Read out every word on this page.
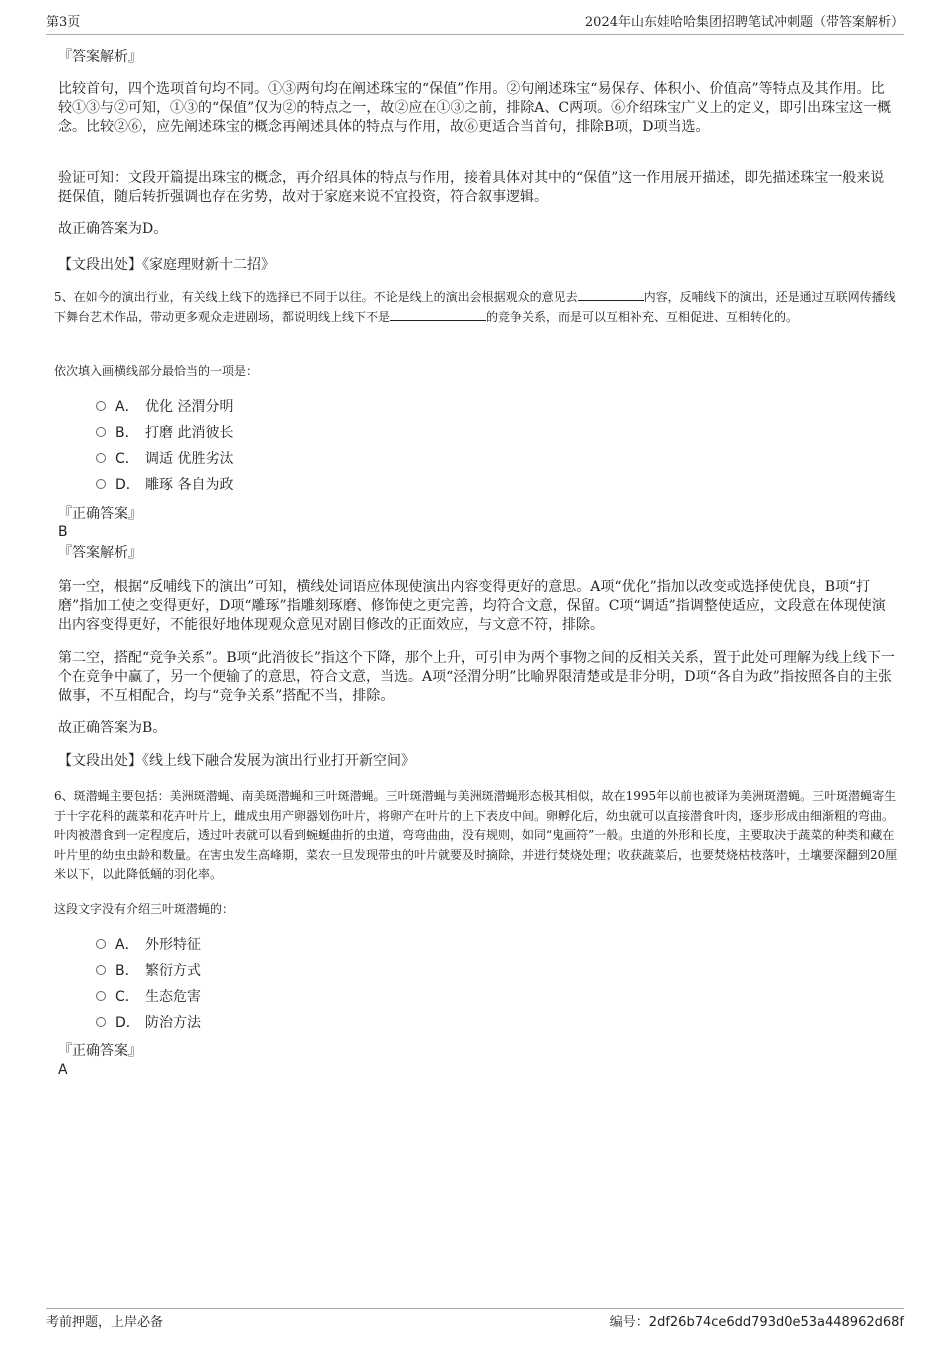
第3页	2024年山东娃哈哈集团招聘笔试冲刺题（带答案解析）
『答案解析』
比较首句，四个选项首句均不同。①③两句均在阐述珠宝的“保值”作用。②句阐述珠宝“易保存、体积小、价值高”等特点及其作用。比较①③与②可知，①③的“保值”仅为②的特点之一，故②应在①③之前，排除A、C两项。⑥介绍珠宝广义上的定义，即引出珠宝这一概念。比较②⑥，应先阐述珠宝的概念再阐述具体的特点与作用，故⑥更适合当首句，排除B项，D项当选。
验证可知：文段开篇提出珠宝的概念，再介绍具体的特点与作用，接着具体对其中的“保值”这一作用展开描述，即先描述珠宝一般来说挺保值，随后转折强调也存在劣势，故对于家庭来说不宜投资，符合叙事逻辑。
故正确答案为D。
【文段出处】《家庭理财新十二招》
5、在如今的演出行业，有关线上线下的选择已不同于以往。不论是线上的演出会根据观众的意见去	内容，反哺线下的演出，还是通过互联网传播线下舞台艺术作品，带动更多观众走进剧场，都说明线上线下不是	的竞争关系，而是可以互相补充、互相促进、互相转化的。
依次填入画横线部分最恰当的一项是：
A． 优化 泾渭分明
B． 打磨 此消彼长
C． 调适 优胜劣汰
D． 雕琢 各自为政
『正确答案』
B
『答案解析』
第一空，根据“反哺线下的演出”可知，横线处词语应体现使演出内容变得更好的意思。A项“优化”指加以改变或选择使优良，B项“打磨”指加工使之变得更好，D项“雕琢”指雕刻琢磨、修饰使之更完善，均符合文意，保留。C项“调适”指调整使适应，文段意在体现使演出内容变得更好，不能很好地体现观众意见对剧目修改的正面效应，与文意不符，排除。
第二空，搭配“竞争关系”。B项“此消彼长”指这个下降，那个上升，可引申为两个事物之间的反相关关系，置于此处可理解为线上线下一个在竞争中赢了，另一个便输了的意思，符合文意，当选。A项“泾渭分明”比喻界限清楚或是非分明，D项“各自为政”指按照各自的主张做事，不互相配合，均与“竞争关系”搭配不当，排除。
故正确答案为B。
【文段出处】《线上线下融合发展为演出行业打开新空间》
6、斑潜蝇主要包括：美洲斑潜蝇、南美斑潜蝇和三叶斑潜蝇。三叶斑潜蝇与美洲斑潜蝇形态极其相似，故在1995年以前也被译为美洲斑潜蝇。三叶斑潜蝇寄生于十字花科的蔬菜和花卉叶片上，雌成虫用产卵器划伤叶片，将卵产在叶片的上下表皮中间。卵孵化后，幼虫就可以直接潜食叶肉，逐步形成由细渐粗的弯曲。叶肉被潜食到一定程度后，透过叶表就可以看到蜿蜒曲折的虫道，弯弯曲曲，没有规则，如同“鬼画符”一般。虫道的外形和长度，主要取决于蔬菜的种类和藏在叶片里的幼虫虫龄和数量。在害虫发生高峰期，菜农一旦发现带虫的叶片就要及时摘除，并进行焚烧处理；收获蔬菜后，也要焚烧枯枝落叶，土壤要深翻到20厘米以下，以此降低蛹的羽化率。
这段文字没有介绍三叶斑潜蝇的：
A． 外形特征
B． 繁衍方式
C． 生态危害
D． 防治方法
『正确答案』
A
考前押题，上岸必备	编号：2df26b74ce6dd793d0e53a448962d68f
